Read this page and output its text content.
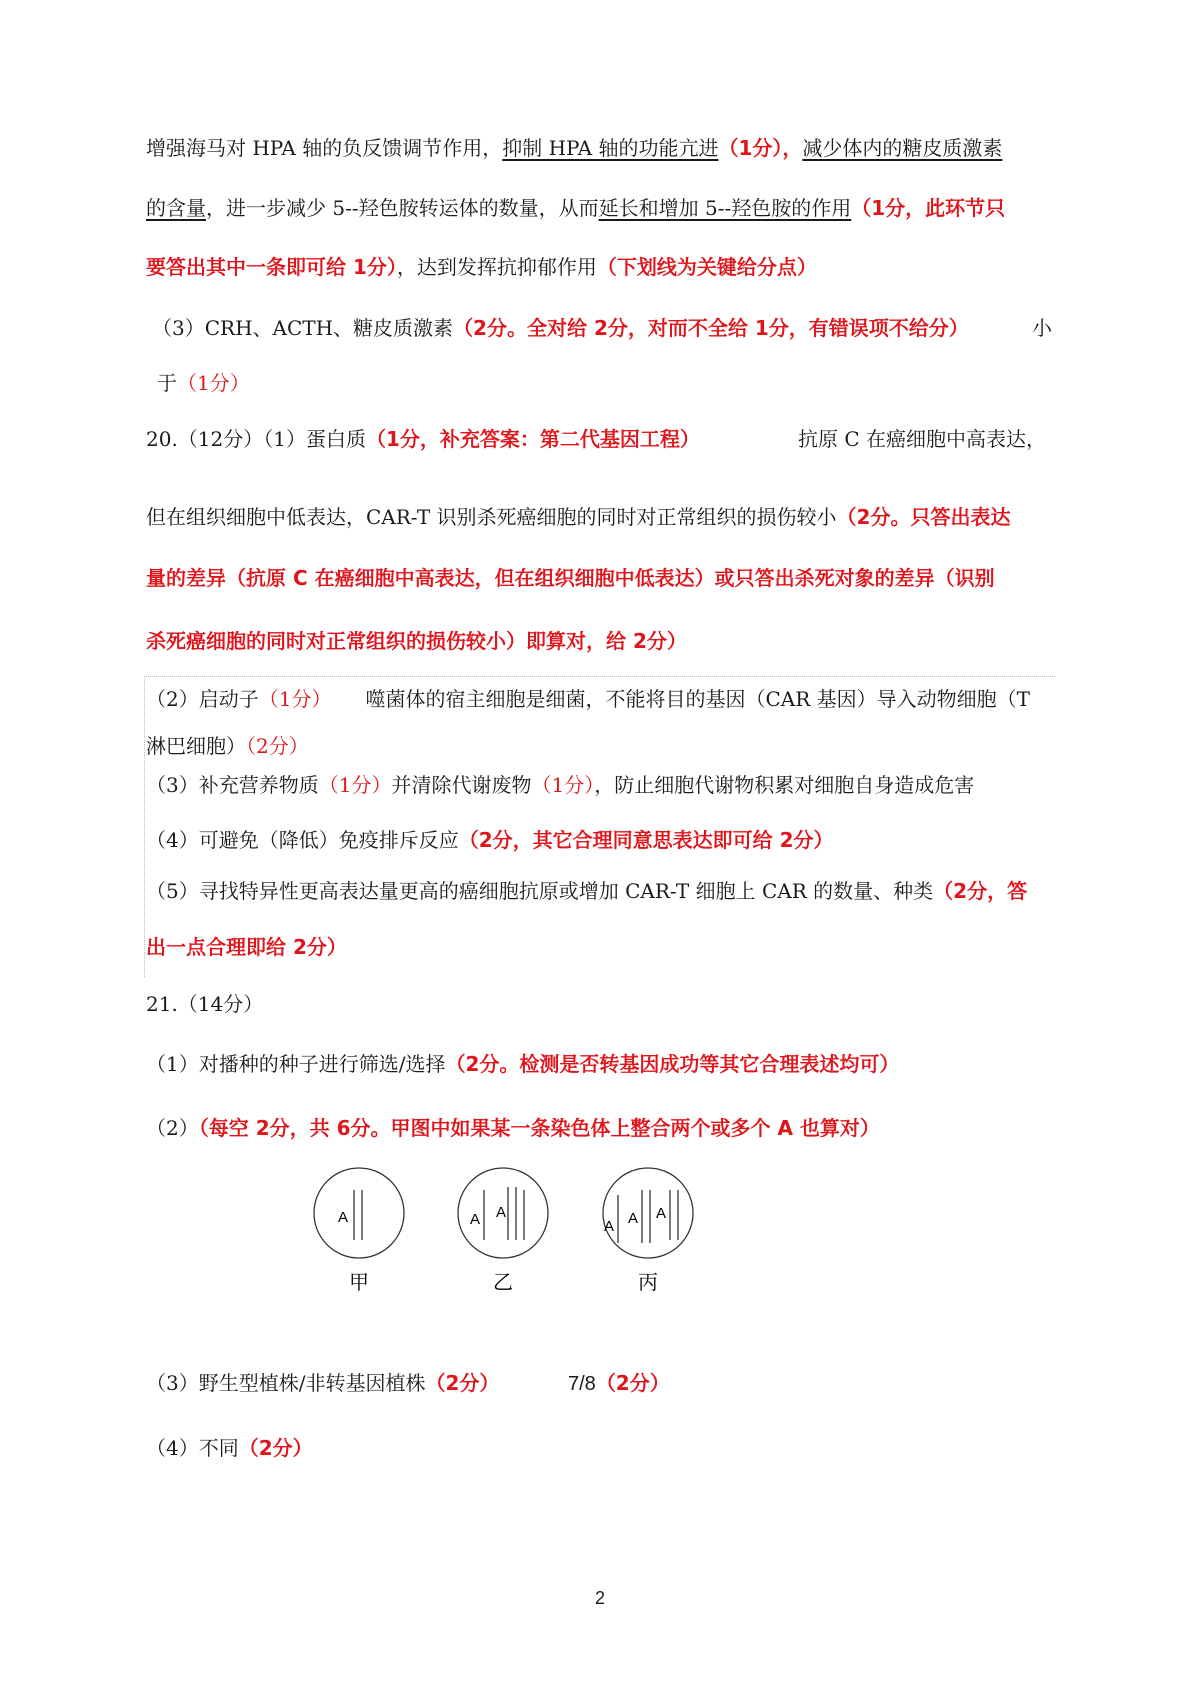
增强海马对 HPA 轴的负反馈调节作用，抑制 HPA 轴的功能亢进（1分），减少体内的糖皮质激素
的含量，进一步减少 5--羟色胺转运体的数量，从而延长和增加 5--羟色胺的作用（1分，此环节只
要答出其中一条即可给 1分），达到发挥抗抑郁作用（下划线为关键给分点）
（3）CRH、ACTH、糖皮质激素（2分。全对给 2分，对而不全给 1分，有错误项不给分）	小
于（1分）
20.（12分）（1）蛋白质（1分，补充答案：第二代基因工程）	抗原 C 在癌细胞中高表达，
但在组织细胞中低表达，CAR-T 识别杀死癌细胞的同时对正常组织的损伤较小（2分。只答出表达
量的差异（抗原 C 在癌细胞中高表达，但在组织细胞中低表达）或只答出杀死对象的差异（识别
杀死癌细胞的同时对正常组织的损伤较小）即算对，给 2分）
（2）启动子（1分） 噬菌体的宿主细胞是细菌，不能将目的基因（CAR 基因）导入动物细胞（T
淋巴细胞）（2分）
（3）补充营养物质（1分）并清除代谢废物（1分），防止细胞代谢物积累对细胞自身造成危害
（4）可避免（降低）免疫排斥反应（2分，其它合理同意思表达即可给 2分）
（5）寻找特异性更高表达量更高的癌细胞抗原或增加 CAR-T 细胞上 CAR 的数量、种类（2分，答
出一点合理即给 2分）
21.（14分）
（1）对播种的种子进行筛选/选择（2分。检测是否转基因成功等其它合理表述均可）
（2）（每空 2分，共 6分。甲图中如果某一条染色体上整合两个或多个 A 也算对）
A
甲
A A
乙
A A A
丙
（3）野生型植株/非转基因植株（2分）	7/8（2分）
（4）不同（2分）
2
